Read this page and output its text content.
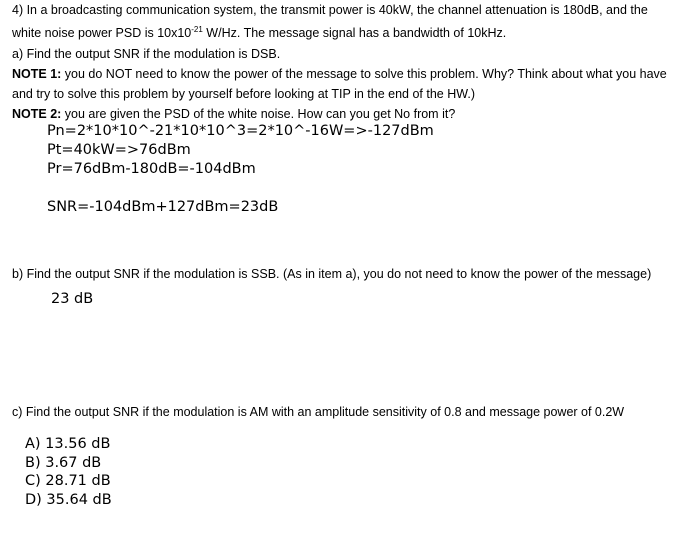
4) In a broadcasting communication system, the transmit power is 40kW, the channel attenuation is 180dB, and the
white noise power PSD is $10x10^{-21}$ W/Hz. The message signal has a bandwidth of 10kHz.
a) Find the output SNR if the modulation is DSB.
NOTE 1: you do NOT need to know the power of the message to solve this problem. Why? Think about what you have
and try to solve this problem by yourself before looking at TIP in the end of the HW.)
NOTE 2: you are given the PSD of the white noise. How can you get No from it?
Pn=2*10*10^-21*10*10^3=2*10^-16W=>-127dBm
Pt=40kW=>76dBm
Pr=76dBm-180dB=-104dBm
SNR=-104dBm+127dBm=23dB
b) Find the output SNR if the modulation is SSB. (As in item a), you do not need to know the power of the message)
23 dB
c) Find the output SNR if the modulation is AM with an amplitude sensitivity of 0.8 and message power of 0.2W
A) 13.56 dB
B) 3.67 dB
C) 28.71 dB
D) 35.64 dB
